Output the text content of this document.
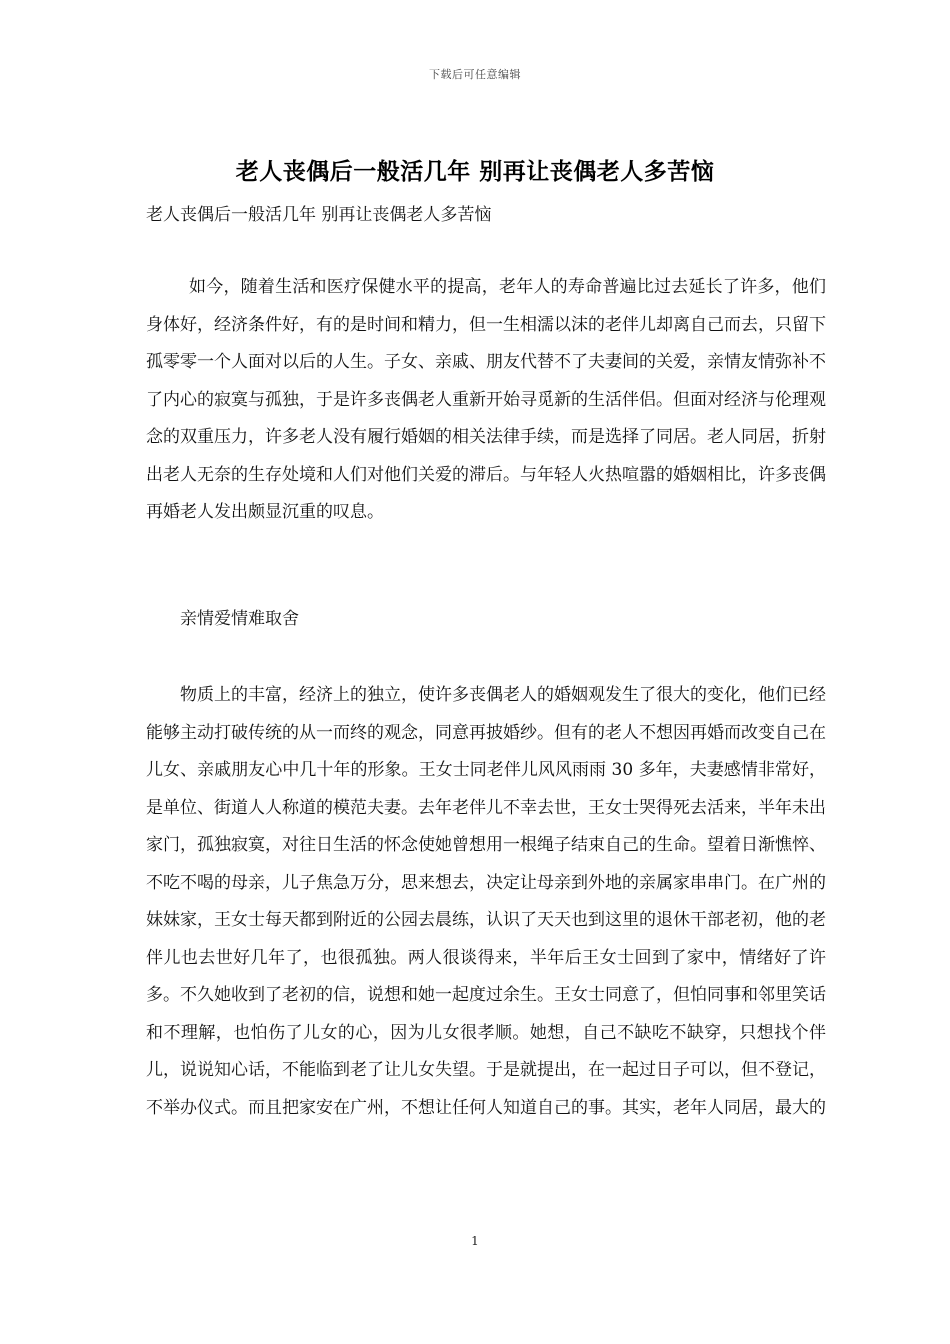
下载后可任意编辑
老人丧偶后一般活几年 别再让丧偶老人多苦恼

老人丧偶后一般活几年 别再让丧偶老人多苦恼

如今，随着生活和医疗保健水平的提高，老年人的寿命普遍比过去延长了许多，他们身体好，经济条件好，有的是时间和精力，但一生相濡以沫的老伴儿却离自己而去，只留下孤零零一个人面对以后的人生。子女、亲戚、朋友代替不了夫妻间的关爱，亲情友情弥补不了内心的寂寞与孤独，于是许多丧偶老人重新开始寻觅新的生活伴侣。但面对经济与伦理观念的双重压力，许多老人没有履行婚姻的相关法律手续，而是选择了同居。老人同居，折射出老人无奈的生存处境和人们对他们关爱的滞后。与年轻人火热喧嚣的婚姻相比，许多丧偶再婚老人发出颇显沉重的叹息。

亲情爱情难取舍

物质上的丰富，经济上的独立，使许多丧偶老人的婚姻观发生了很大的变化，他们已经能够主动打破传统的从一而终的观念，同意再披婚纱。但有的老人不想因再婚而改变自己在儿女、亲戚朋友心中几十年的形象。王女士同老伴儿风风雨雨 30 多年，夫妻感情非常好，是单位、街道人人称道的模范夫妻。去年老伴儿不幸去世，王女士哭得死去活来，半年未出家门，孤独寂寞，对往日生活的怀念使她曾想用一根绳子结束自己的生命。望着日渐憔悴、不吃不喝的母亲，儿子焦急万分，思来想去，决定让母亲到外地的亲属家串串门。在广州的妹妹家，王女士每天都到附近的公园去晨练，认识了天天也到这里的退休干部老初，他的老伴儿也去世好几年了，也很孤独。两人很谈得来，半年后王女士回到了家中，情绪好了许多。不久她收到了老初的信，说想和她一起度过余生。王女士同意了，但怕同事和邻里笑话和不理解，也怕伤了儿女的心，因为儿女很孝顺。她想，自己不缺吃不缺穿，只想找个伴儿，说说知心话，不能临到老了让儿女失望。于是就提出，在一起过日子可以，但不登记，不举办仪式。而且把家安在广州，不想让任何人知道自己的事。其实，老年人同居，最大的

1
